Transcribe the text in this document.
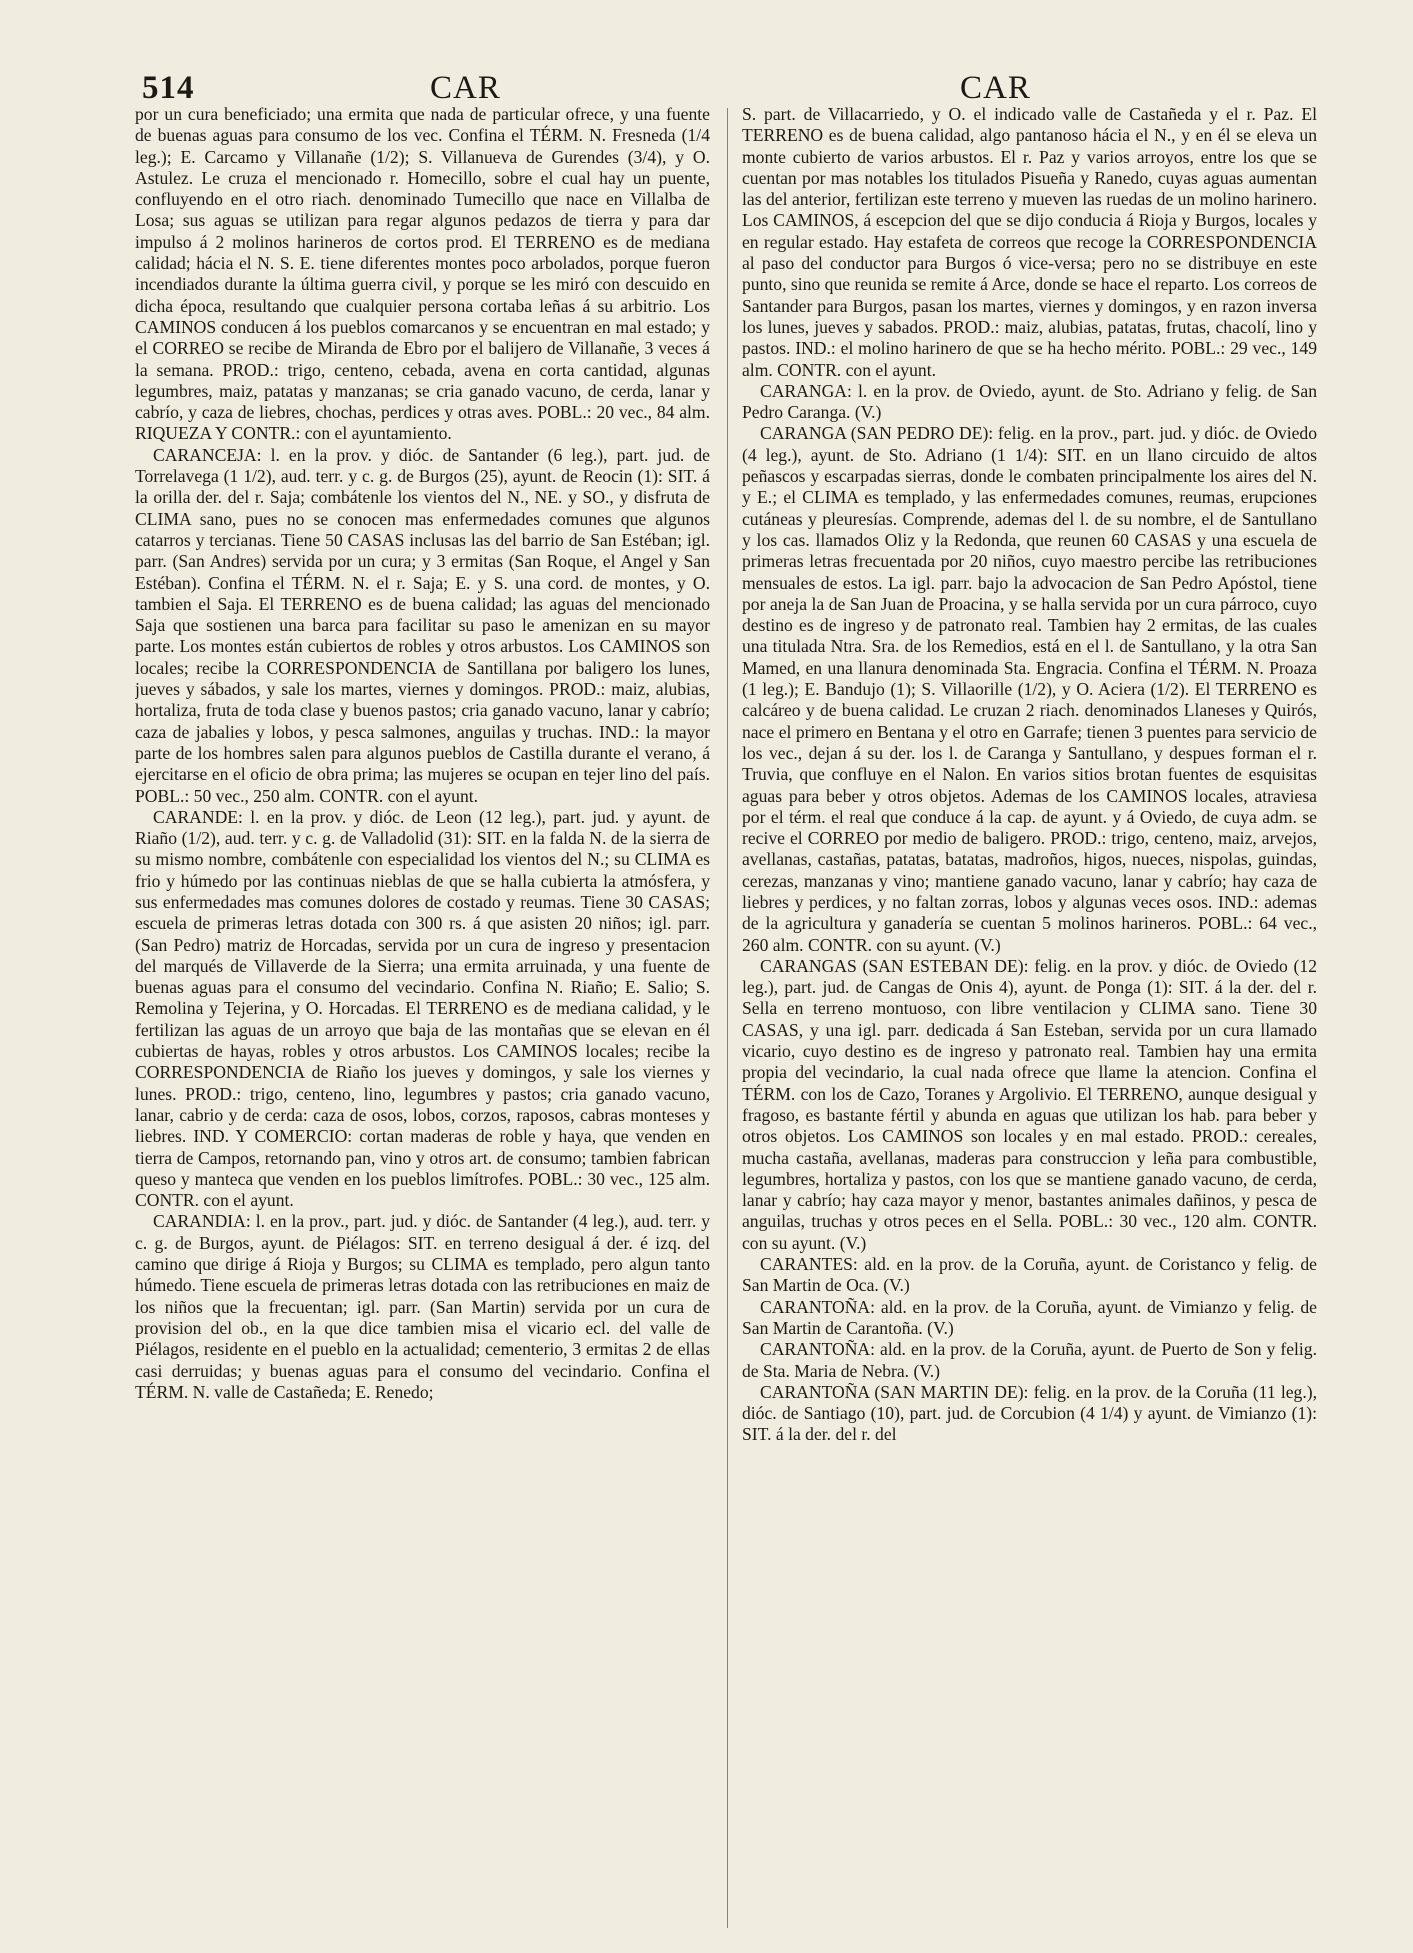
514	CAR	CAR

por un cura beneficiado; una ermita que nada de particular ofrece, y una fuente de buenas aguas para consumo de los vec. Confina el TÉRM. N. Fresneda (1/4 leg.); E. Carcamo y Villanañe (1/2); S. Villanueva de Gurendes (3/4), y O. Astulez. Le cruza el mencionado r. Homecillo, sobre el cual hay un puente, confluyendo en el otro riach. denominado Tumecillo que nace en Villalba de Losa; sus aguas se utilizan para regar algunos pedazos de tierra y para dar impulso á 2 molinos harineros de cortos prod. El TERRENO es de mediana calidad; hácia el N. S. E. tiene diferentes montes poco arbolados, porque fueron incendiados durante la última guerra civil, y porque se les miró con descuido en dicha época, resultando que cualquier persona cortaba leñas á su arbitrio. Los CAMINOS conducen á los pueblos comarcanos y se encuentran en mal estado; y el CORREO se recibe de Miranda de Ebro por el balijero de Villanañe, 3 veces á la semana. PROD.: trigo, centeno, cebada, avena en corta cantidad, algunas legumbres, maiz, patatas y manzanas; se cria ganado vacuno, de cerda, lanar y cabrío, y caza de liebres, chochas, perdices y otras aves. POBL.: 20 vec., 84 alm. RIQUEZA Y CONTR.: con el ayuntamiento.

CARANCEJA: l. en la prov. y dióc. de Santander (6 leg.), part. jud. de Torrelavega (1 1/2), aud. terr. y c. g. de Burgos (25), ayunt. de Reocin (1): SIT. á la orilla der. del r. Saja; combátenle los vientos del N., NE. y SO., y disfruta de CLIMA sano, pues no se conocen mas enfermedades comunes que algunos catarros y tercianas. Tiene 50 CASAS inclusas las del barrio de San Estéban; igl. parr. (San Andres) servida por un cura; y 3 ermitas (San Roque, el Angel y San Estéban). Confina el TÉRM. N. el r. Saja; E. y S. una cord. de montes, y O. tambien el Saja. El TERRENO es de buena calidad; las aguas del mencionado Saja que sostienen una barca para facilitar su paso le amenizan en su mayor parte. Los montes están cubiertos de robles y otros arbustos. Los CAMINOS son locales; recibe la CORRESPONDENCIA de Santillana por baligero los lunes, jueves y sábados, y sale los martes, viernes y domingos. PROD.: maiz, alubias, hortaliza, fruta de toda clase y buenos pastos; cria ganado vacuno, lanar y cabrío; caza de jabalies y lobos, y pesca salmones, anguilas y truchas. IND.: la mayor parte de los hombres salen para algunos pueblos de Castilla durante el verano, á ejercitarse en el oficio de obra prima; las mujeres se ocupan en tejer lino del país. POBL.: 50 vec., 250 alm. CONTR. con el ayunt.

CARANDE: l. en la prov. y dióc. de Leon (12 leg.), part. jud. y ayunt. de Riaño (1/2), aud. terr. y c. g. de Valladolid (31): SIT. en la falda N. de la sierra de su mismo nombre, combátenle con especialidad los vientos del N.; su CLIMA es frio y húmedo por las continuas nieblas de que se halla cubierta la atmósfera, y sus enfermedades mas comunes dolores de costado y reumas. Tiene 30 CASAS; escuela de primeras letras dotada con 300 rs. á que asisten 20 niños; igl. parr. (San Pedro) matriz de Horcadas, servida por un cura de ingreso y presentacion del marqués de Villaverde de la Sierra; una ermita arruinada, y una fuente de buenas aguas para el consumo del vecindario. Confina N. Riaño; E. Salio; S. Remolina y Tejerina, y O. Horcadas. El TERRENO es de mediana calidad, y le fertilizan las aguas de un arroyo que baja de las montañas que se elevan en él cubiertas de hayas, robles y otros arbustos. Los CAMINOS locales; recibe la CORRESPONDENCIA de Riaño los jueves y domingos, y sale los viernes y lunes. PROD.: trigo, centeno, lino, legumbres y pastos; cria ganado vacuno, lanar, cabrio y de cerda: caza de osos, lobos, corzos, raposos, cabras monteses y liebres. IND. Y COMERCIO: cortan maderas de roble y haya, que venden en tierra de Campos, retornando pan, vino y otros art. de consumo; tambien fabrican queso y manteca que venden en los pueblos limítrofes. POBL.: 30 vec., 125 alm. CONTR. con el ayunt.

CARANDIA: l. en la prov., part. jud. y dióc. de Santander (4 leg.), aud. terr. y c. g. de Burgos, ayunt. de Piélagos: SIT. en terreno desigual á der. é izq. del camino que dirige á Rioja y Burgos; su CLIMA es templado, pero algun tanto húmedo. Tiene escuela de primeras letras dotada con las retribuciones en maiz de los niños que la frecuentan; igl. parr. (San Martin) servida por un cura de provision del ob., en la que dice tambien misa el vicario ecl. del valle de Piélagos, residente en el pueblo en la actualidad; cementerio, 3 ermitas 2 de ellas casi derruidas; y buenas aguas para el consumo del vecindario. Confina el TÉRM. N. valle de Castañeda; E. Renedo;

S. part. de Villacarriedo, y O. el indicado valle de Castañeda y el r. Paz. El TERRENO es de buena calidad, algo pantanoso hácia el N., y en él se eleva un monte cubierto de varios arbustos. El r. Paz y varios arroyos, entre los que se cuentan por mas notables los titulados Pisueña y Ranedo, cuyas aguas aumentan las del anterior, fertilizan este terreno y mueven las ruedas de un molino harinero. Los CAMINOS, á escepcion del que se dijo conducia á Rioja y Burgos, locales y en regular estado. Hay estafeta de correos que recoge la CORRESPONDENCIA al paso del conductor para Burgos ó vice-versa; pero no se distribuye en este punto, sino que reunida se remite á Arce, donde se hace el reparto. Los correos de Santander para Burgos, pasan los martes, viernes y domingos, y en razon inversa los lunes, jueves y sabados. PROD.: maiz, alubias, patatas, frutas, chacolí, lino y pastos. IND.: el molino harinero de que se ha hecho mérito. POBL.: 29 vec., 149 alm. CONTR. con el ayunt.

CARANGA: l. en la prov. de Oviedo, ayunt. de Sto. Adriano y felig. de San Pedro Caranga. (V.)

CARANGA (SAN PEDRO DE): felig. en la prov., part. jud. y dióc. de Oviedo (4 leg.), ayunt. de Sto. Adriano (1 1/4): SIT. en un llano circuido de altos peñascos y escarpadas sierras, donde le combaten principalmente los aires del N. y E.; el CLIMA es templado, y las enfermedades comunes, reumas, erupciones cutáneas y pleuresías. Comprende, ademas del l. de su nombre, el de Santullano y los cas. llamados Oliz y la Redonda, que reunen 60 CASAS y una escuela de primeras letras frecuentada por 20 niños, cuyo maestro percibe las retribuciones mensuales de estos. La igl. parr. bajo la advocacion de San Pedro Apóstol, tiene por aneja la de San Juan de Proacina, y se halla servida por un cura párroco, cuyo destino es de ingreso y de patronato real. Tambien hay 2 ermitas, de las cuales una titulada Ntra. Sra. de los Remedios, está en el l. de Santullano, y la otra San Mamed, en una llanura denominada Sta. Engracia. Confina el TÉRM. N. Proaza (1 leg.); E. Bandujo (1); S. Villaorille (1/2), y O. Aciera (1/2). El TERRENO es calcáreo y de buena calidad. Le cruzan 2 riach. denominados Llaneses y Quirós, nace el primero en Bentana y el otro en Garrafe; tienen 3 puentes para servicio de los vec., dejan á su der. los l. de Caranga y Santullano, y despues forman el r. Truvia, que confluye en el Nalon. En varios sitios brotan fuentes de esquisitas aguas para beber y otros objetos. Ademas de los CAMINOS locales, atraviesa por el térm. el real que conduce á la cap. de ayunt. y á Oviedo, de cuya adm. se recive el CORREO por medio de baligero. PROD.: trigo, centeno, maiz, arvejos, avellanas, castañas, patatas, batatas, madroños, higos, nueces, nispolas, guindas, cerezas, manzanas y vino; mantiene ganado vacuno, lanar y cabrío; hay caza de liebres y perdices, y no faltan zorras, lobos y algunas veces osos. IND.: ademas de la agricultura y ganadería se cuentan 5 molinos harineros. POBL.: 64 vec., 260 alm. CONTR. con su ayunt. (V.)

CARANGAS (SAN ESTEBAN DE): felig. en la prov. y dióc. de Oviedo (12 leg.), part. jud. de Cangas de Onis 4), ayunt. de Ponga (1): SIT. á la der. del r. Sella en terreno montuoso, con libre ventilacion y CLIMA sano. Tiene 30 CASAS, y una igl. parr. dedicada á San Esteban, servida por un cura llamado vicario, cuyo destino es de ingreso y patronato real. Tambien hay una ermita propia del vecindario, la cual nada ofrece que llame la atencion. Confina el TÉRM. con los de Cazo, Toranes y Argolivio. El TERRENO, aunque desigual y fragoso, es bastante fértil y abunda en aguas que utilizan los hab. para beber y otros objetos. Los CAMINOS son locales y en mal estado. PROD.: cereales, mucha castaña, avellanas, maderas para construccion y leña para combustible, legumbres, hortaliza y pastos, con los que se mantiene ganado vacuno, de cerda, lanar y cabrío; hay caza mayor y menor, bastantes animales dañinos, y pesca de anguilas, truchas y otros peces en el Sella. POBL.: 30 vec., 120 alm. CONTR. con su ayunt. (V.)

CARANTES: ald. en la prov. de la Coruña, ayunt. de Coristanco y felig. de San Martin de Oca. (V.)

CARANTOÑA: ald. en la prov. de la Coruña, ayunt. de Vimianzo y felig. de San Martin de Carantoña. (V.)

CARANTOÑA: ald. en la prov. de la Coruña, ayunt. de Puerto de Son y felig. de Sta. Maria de Nebra. (V.)

CARANTOÑA (SAN MARTIN DE): felig. en la prov. de la Coruña (11 leg.), dióc. de Santiago (10), part. jud. de Corcubion (4 1/4) y ayunt. de Vimianzo (1): SIT. á la der. del r. del
